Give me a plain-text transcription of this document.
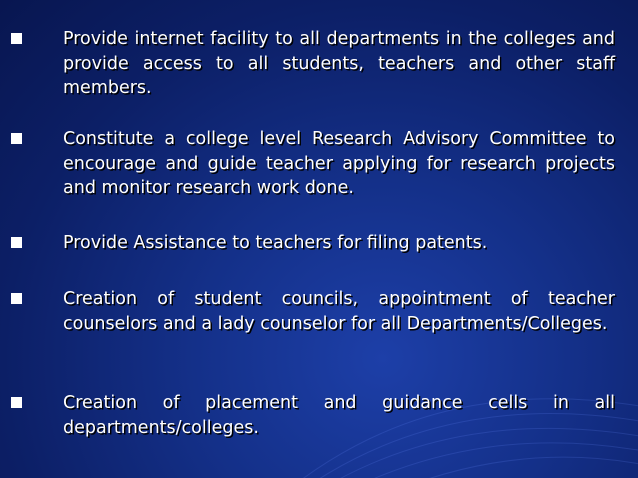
Provide internet facility to all departments in the colleges and provide access to all students, teachers and other staff members.

Constitute a college level Research Advisory Committee to encourage and guide teacher applying for research projects and monitor research work done.

Provide Assistance to teachers for filing patents.

Creation of student councils, appointment of teacher counselors and a lady counselor for all Departments/Colleges.

Creation of placement and guidance cells in all departments/colleges.
